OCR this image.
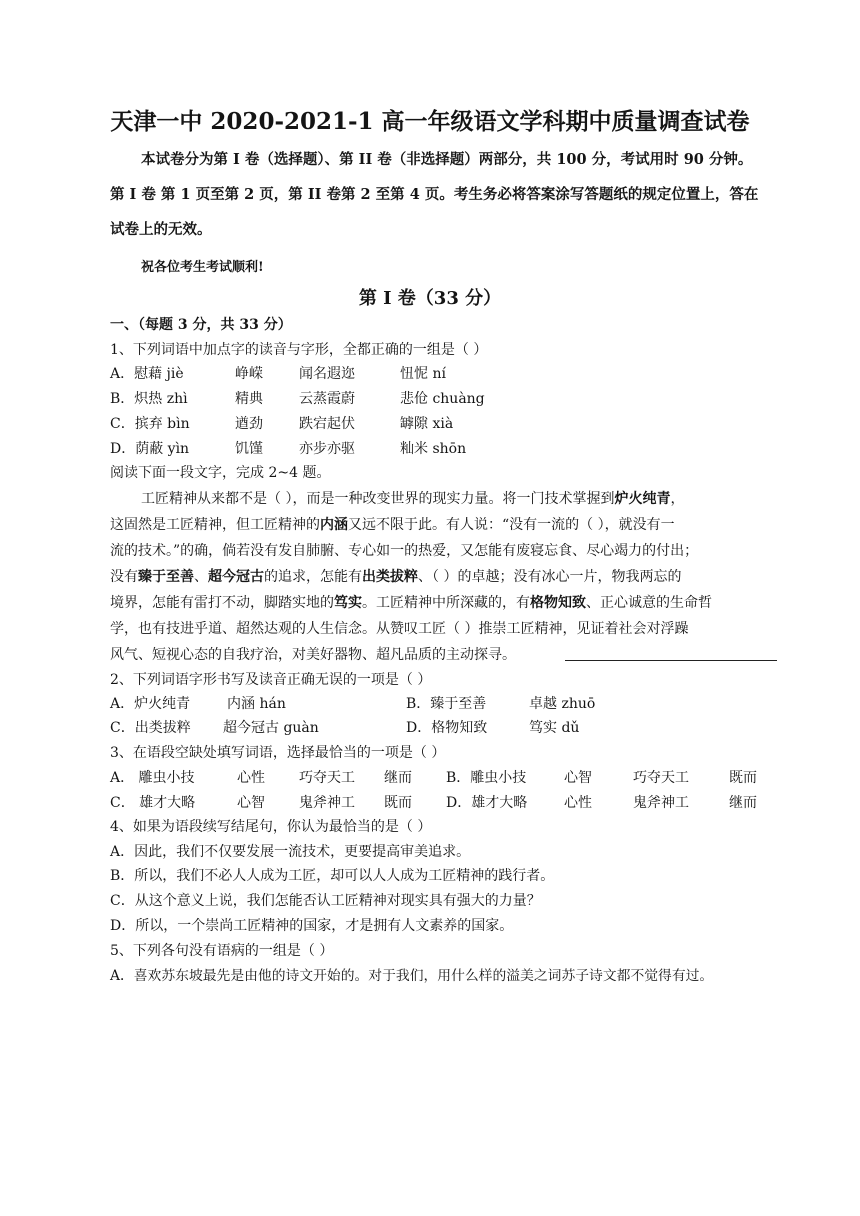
天津一中 2020-2021-1 高一年级语文学科期中质量调查试卷
本试卷分为第 I 卷（选择题）、第 II 卷（非选择题）两部分，共 100 分，考试用时 90 分钟。
第 I 卷 第 1 页至第 2 页，第 II 卷第 2 至第 4 页。考生务必将答案涂写答题纸的规定位置上，答在
试卷上的无效。
祝各位考生考试顺利!
第 I 卷（33 分）
一、（每题 3 分，共 33 分）
1、下列词语中加点字的读音与字形，全都正确的一组是（ ）
A．慰藉 jiè	峥嵘	闻名遐迩	忸怩 ní
B．炽热 zhì	精典	云蒸霞蔚	悲伧 chuàng
C．摈弃 bìn	遒劲	跌宕起伏	罅隙 xià
D．荫蔽 yìn	饥馑	亦步亦驱	籼米 shōn
阅读下面一段文字，完成 2~4 题。
工匠精神从来都不是（ ），而是一种改变世界的现实力量。将一门技术掌握到炉火纯青，
这固然是工匠精神，但工匠精神的内涵又远不限于此。有人说：“没有一流的（ ），就没有一
流的技术。”的确，倘若没有发自肺腑、专心如一的热爱，又怎能有废寝忘食、尽心竭力的付出；
没有臻于至善、超今冠古的追求，怎能有出类拔粹、（ ）的卓越；没有冰心一片，物我两忘的
境界，怎能有雷打不动，脚踏实地的笃实。工匠精神中所深藏的，有格物知致、正心诚意的生命哲
学，也有技进乎道、超然达观的人生信念。从赞叹工匠（ ）推崇工匠精神，见证着社会对浮躁
风气、短视心态的自我疗治，对美好器物、超凡品质的主动探寻。
2、下列词语字形书写及读音正确无误的一项是（ ）
A．炉火纯青	内涵 hán	B．臻于至善	卓越 zhuō
C．出类拔粹 超今冠古 guàn	D．格物知致	笃实 dǔ
3、在语段空缺处填写词语，选择最恰当的一项是（ ）
A． 雕虫小技	心性 巧夺天工 继而 B．雕虫小技	心智	巧夺天工	既而
C． 雄才大略	心智 鬼斧神工 既而 D．雄才大略	心性	鬼斧神工	继而
4、如果为语段续写结尾句，你认为最恰当的是（ ）
A．因此，我们不仅要发展一流技术，更要提高审美追求。
B．所以，我们不必人人成为工匠，却可以人人成为工匠精神的践行者。
C．从这个意义上说，我们怎能否认工匠精神对现实具有强大的力量？
D．所以，一个崇尚工匠精神的国家，才是拥有人文素养的国家。
5、下列各句没有语病的一组是（ ）
A．喜欢苏东坡最先是由他的诗文开始的。对于我们，用什么样的溢美之词苏子诗文都不觉得有过。
